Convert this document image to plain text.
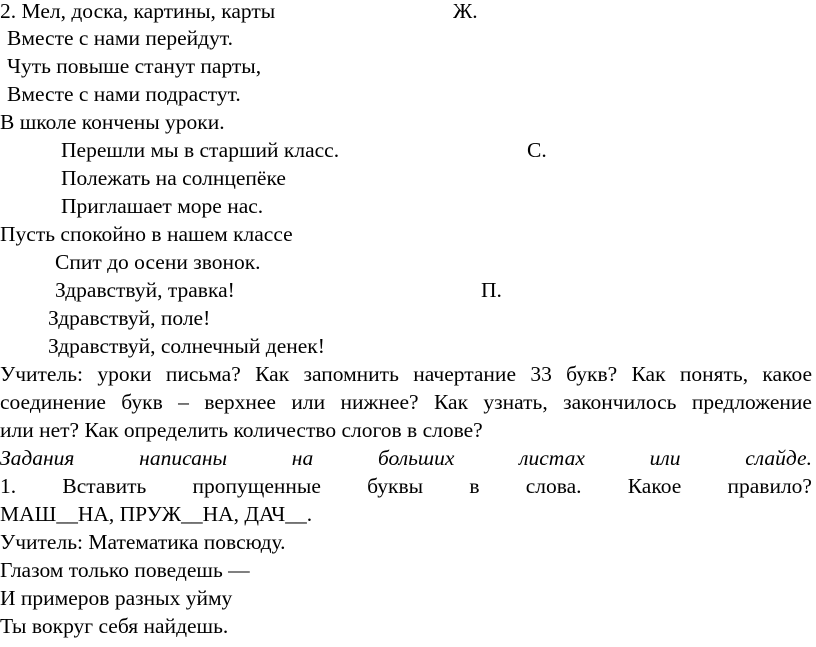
2. Мел, доска, картины, карты	Ж.

Вместе с нами перейдут.

Чуть повыше станут парты,

Вместе с нами подрастут.

В школе кончены уроки.

Перешли мы в старший класс.	С.

Полежать на солнцепёке

Приглашает море нас.

Пусть спокойно в нашем классе

Спит до осени звонок.

Здравствуй, травка!	П.

Здравствуй, поле!

Здравствуй, солнечный денек!

Учитель: уроки письма? Как запомнить начертание 33 букв? Как понять, какое
соединение букв – верхнее или нижнее? Как узнать, закончилось предложение

или нет? Как определить количество слогов в слове?

Задания	написаны	на	больших	листах	или	слайде.
1. Вставить пропущенные буквы в слова. Какое правило?

МАШ__НА, ПРУЖ__НА, ДАЧ__.

Учитель: Математика повсюду.

Глазом только поведешь —

И примеров разных уйму

Ты вокруг себя найдешь.
